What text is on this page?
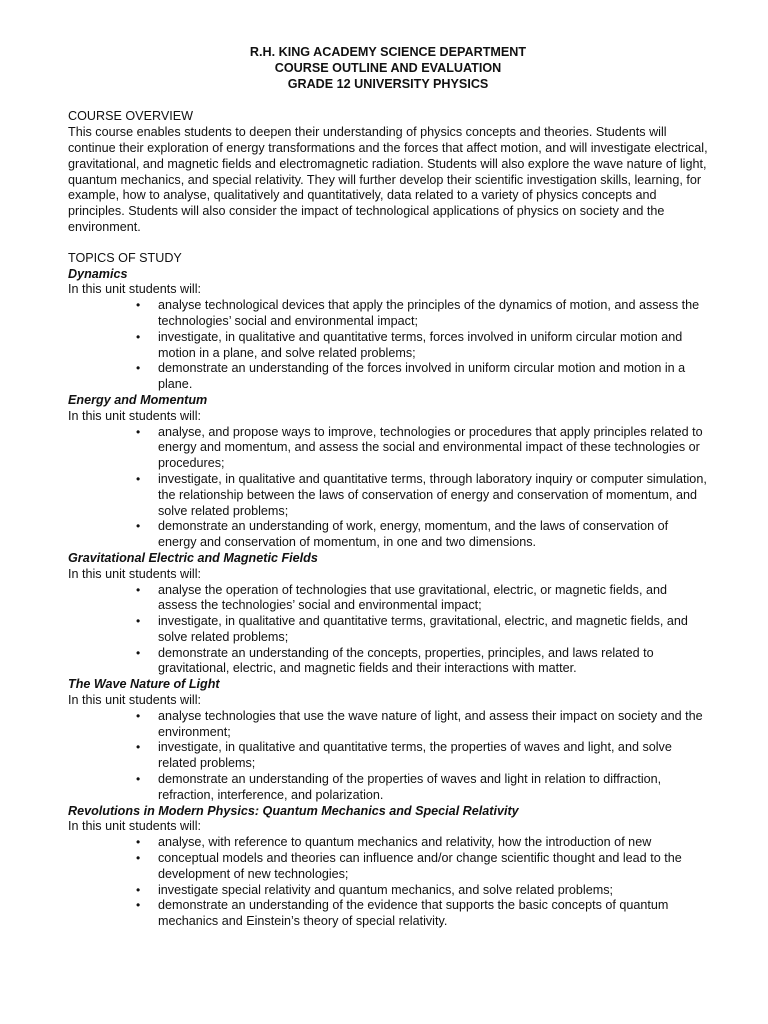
R.H. KING ACADEMY SCIENCE DEPARTMENT
COURSE OUTLINE AND EVALUATION
GRADE 12 UNIVERSITY PHYSICS
COURSE OVERVIEW

This course enables students to deepen their understanding of physics concepts and theories. Students will continue their exploration of energy transformations and the forces that affect motion, and will investigate electrical, gravitational, and magnetic fields and electromagnetic radiation. Students will also explore the wave nature of light, quantum mechanics, and special relativity. They will further develop their scientific investigation skills, learning, for example, how to analyse, qualitatively and quantitatively, data related to a variety of physics concepts and principles. Students will also consider the impact of technological applications of physics on society and the environment.

TOPICS OF STUDY
Dynamics
In this unit students will:
• analyse technological devices that apply the principles of the dynamics of motion, and assess the technologies’ social and environmental impact;
• investigate, in qualitative and quantitative terms, forces involved in uniform circular motion and motion in a plane, and solve related problems;
• demonstrate an understanding of the forces involved in uniform circular motion and motion in a plane.
Energy and Momentum
In this unit students will:
• analyse, and propose ways to improve, technologies or procedures that apply principles related to energy and momentum, and assess the social and environmental impact of these technologies or procedures;
• investigate, in qualitative and quantitative terms, through laboratory inquiry or computer simulation, the relationship between the laws of conservation of energy and conservation of momentum, and solve related problems;
• demonstrate an understanding of work, energy, momentum, and the laws of conservation of energy and conservation of momentum, in one and two dimensions.
Gravitational Electric and Magnetic Fields
In this unit students will:
• analyse the operation of technologies that use gravitational, electric, or magnetic fields, and assess the technologies’ social and environmental impact;
• investigate, in qualitative and quantitative terms, gravitational, electric, and magnetic fields, and solve related problems;
• demonstrate an understanding of the concepts, properties, principles, and laws related to gravitational, electric, and magnetic fields and their interactions with matter.
The Wave Nature of Light
In this unit students will:
• analyse technologies that use the wave nature of light, and assess their impact on society and the environment;
• investigate, in qualitative and quantitative terms, the properties of waves and light, and solve related problems;
• demonstrate an understanding of the properties of waves and light in relation to diffraction, refraction, interference, and polarization.
Revolutions in Modern Physics: Quantum Mechanics and Special Relativity
In this unit students will:
• analyse, with reference to quantum mechanics and relativity, how the introduction of new
• conceptual models and theories can influence and/or change scientific thought and lead to the development of new technologies;
• investigate special relativity and quantum mechanics, and solve related problems;
• demonstrate an understanding of the evidence that supports the basic concepts of quantum mechanics and Einstein’s theory of special relativity.
